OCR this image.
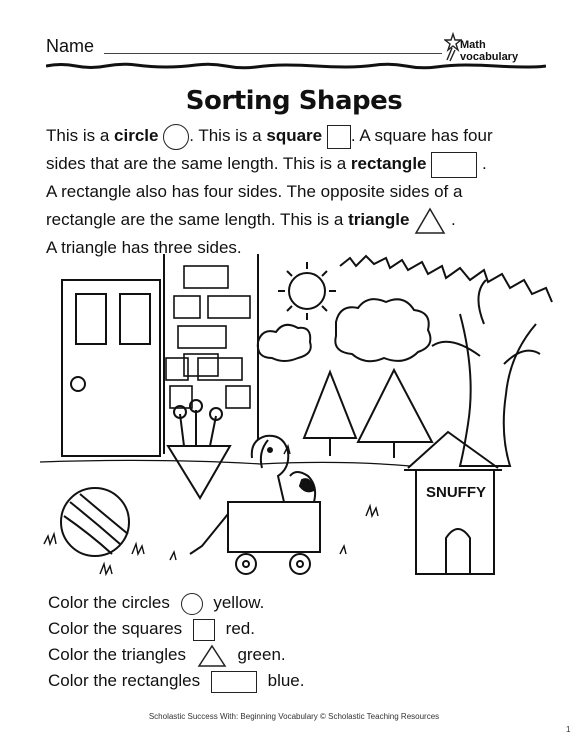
Name	Math vocabulary
Sorting Shapes
This is a circle . This is a square . A square has four
sides that are the same length. This is a rectangle	.
A rectangle also has four sides. The opposite sides of a
rectangle are the same length. This is a triangle .
A triangle has three sides.
SNUFFY
Color the circles	yellow.
Color the squares	red.
Color the triangles	green.
Color the rectangles	blue.
Scholastic Success With: Beginning Vocabulary © Scholastic Teaching Resources
1
